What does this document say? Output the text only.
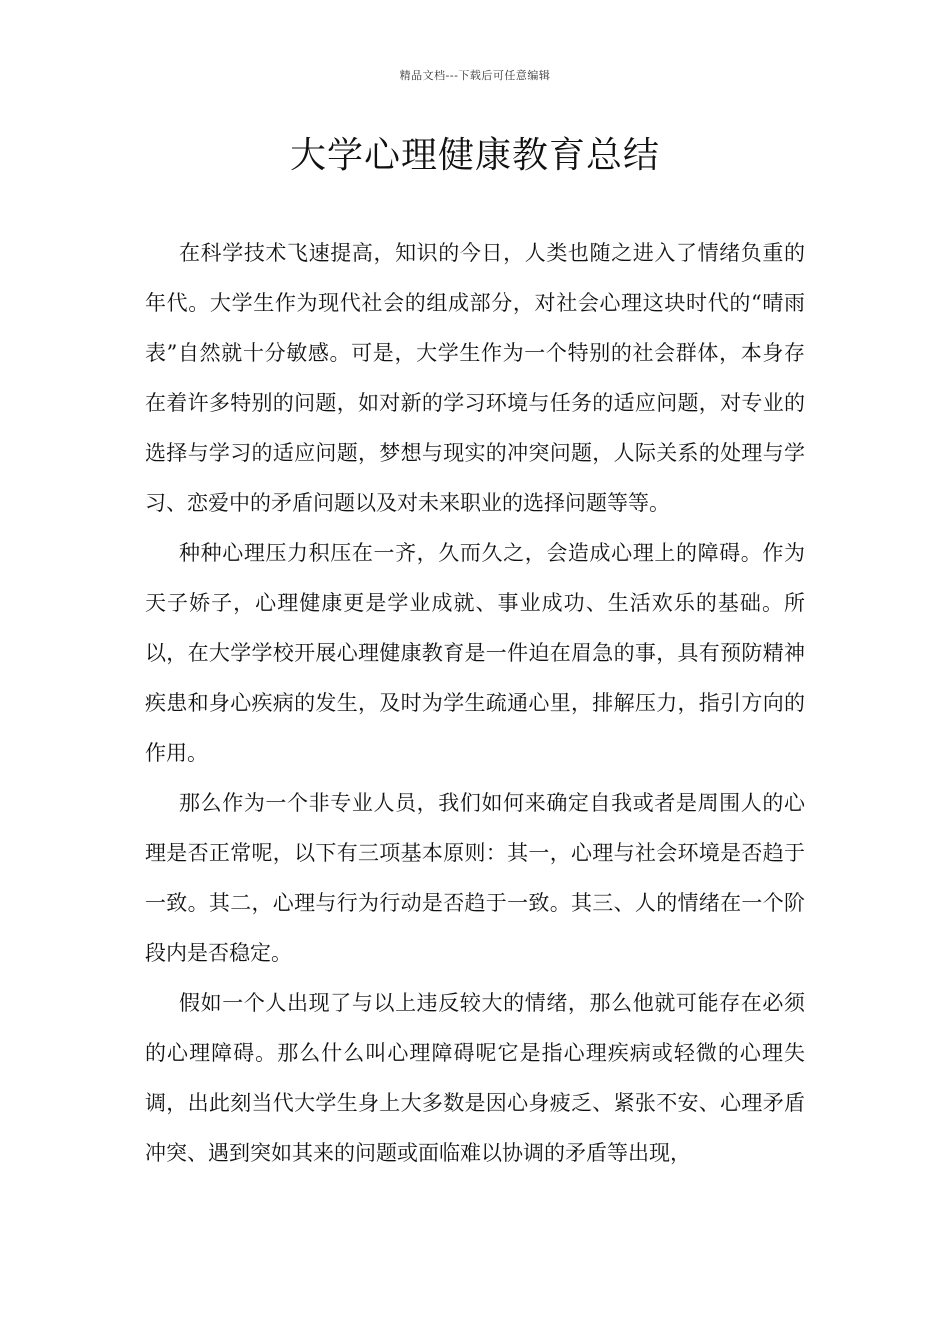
精品文档---下载后可任意编辑
大学心理健康教育总结

在科学技术飞速提高，知识的今日，人类也随之进入了情绪负重的年代。大学生作为现代社会的组成部分，对社会心理这块时代的“晴雨表”自然就十分敏感。可是，大学生作为一个特别的社会群体，本身存在着许多特别的问题，如对新的学习环境与任务的适应问题，对专业的选择与学习的适应问题，梦想与现实的冲突问题，人际关系的处理与学习、恋爱中的矛盾问题以及对未来职业的选择问题等等。

种种心理压力积压在一齐，久而久之，会造成心理上的障碍。作为天子娇子，心理健康更是学业成就、事业成功、生活欢乐的基础。所以，在大学学校开展心理健康教育是一件迫在眉急的事，具有预防精神疾患和身心疾病的发生，及时为学生疏通心里，排解压力，指引方向的作用。

那么作为一个非专业人员，我们如何来确定自我或者是周围人的心理是否正常呢，以下有三项基本原则：其一，心理与社会环境是否趋于一致。其二，心理与行为行动是否趋于一致。其三、人的情绪在一个阶段内是否稳定。

假如一个人出现了与以上违反较大的情绪，那么他就可能存在必须的心理障碍。那么什么叫心理障碍呢它是指心理疾病或轻微的心理失调，出此刻当代大学生身上大多数是因心身疲乏、紧张不安、心理矛盾冲突、遇到突如其来的问题或面临难以协调的矛盾等出现，
